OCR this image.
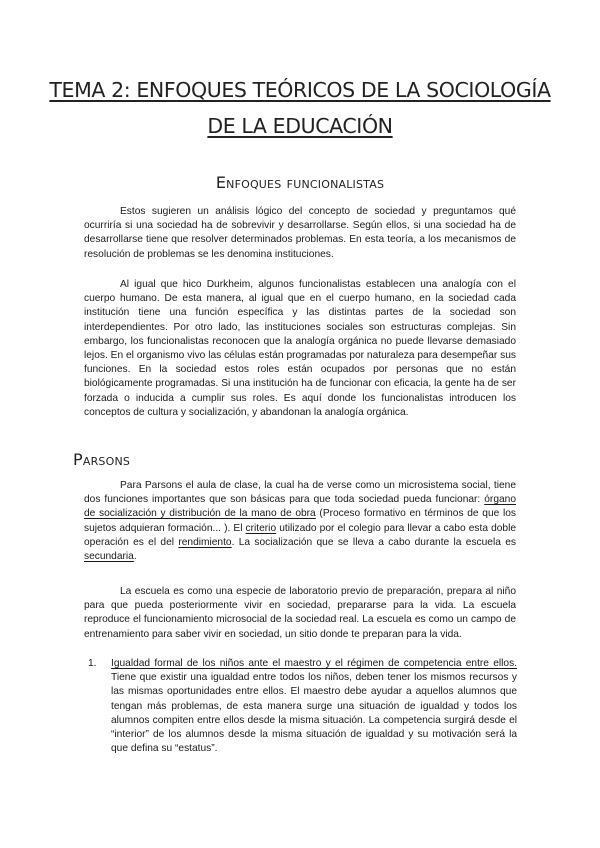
TEMA 2: ENFOQUES TEÓRICOS DE LA SOCIOLOGÍA
DE LA EDUCACIÓN
Enfoques funcionalistas

Estos sugieren un análisis lógico del concepto de sociedad y preguntamos qué ocurriría si una sociedad ha de sobrevivir y desarrollarse. Según ellos, si una sociedad ha de desarrollarse tiene que resolver determinados problemas. En esta teoría, a los mecanismos de resolución de problemas se les denomina instituciones.

Al igual que hico Durkheim, algunos funcionalistas establecen una analogía con el cuerpo humano. De esta manera, al igual que en el cuerpo humano, en la sociedad cada institución tiene una función específica y las distintas partes de la sociedad son interdependientes. Por otro lado, las instituciones sociales son estructuras complejas. Sin embargo, los funcionalistas reconocen que la analogía orgánica no puede llevarse demasiado lejos. En el organismo vivo las células están programadas por naturaleza para desempeñar sus funciones. En la sociedad estos roles están ocupados por personas que no están biológicamente programadas. Si una institución ha de funcionar con eficacia, la gente ha de ser forzada o inducida a cumplir sus roles. Es aquí donde los funcionalistas introducen los conceptos de cultura y socialización, y abandonan la analogía orgánica.

Parsons

Para Parsons el aula de clase, la cual ha de verse como un microsistema social, tiene dos funciones importantes que son básicas para que toda sociedad pueda funcionar: órgano de socialización y distribución de la mano de obra (Proceso formativo en términos de que los sujetos adquieran formación... ). El criterio utilizado por el colegio para llevar a cabo esta doble operación es el del rendimiento. La socialización que se lleva a cabo durante la escuela es secundaria.

La escuela es como una especie de laboratorio previo de preparación, prepara al niño para que pueda posteriormente vivir en sociedad, prepararse para la vida. La escuela reproduce el funcionamiento microsocial de la sociedad real. La escuela es como un campo de entrenamiento para saber vivir en sociedad, un sitio donde te preparan para la vida.

1. Igualdad formal de los niños ante el maestro y el régimen de competencia entre ellos. Tiene que existir una igualdad entre todos los niños, deben tener los mismos recursos y las mismas oportunidades entre ellos. El maestro debe ayudar a aquellos alumnos que tengan más problemas, de esta manera surge una situación de igualdad y todos los alumnos compiten entre ellos desde la misma situación. La competencia surgirá desde el “interior” de los alumnos desde la misma situación de igualdad y su motivación será la que defina su “estatus”.
